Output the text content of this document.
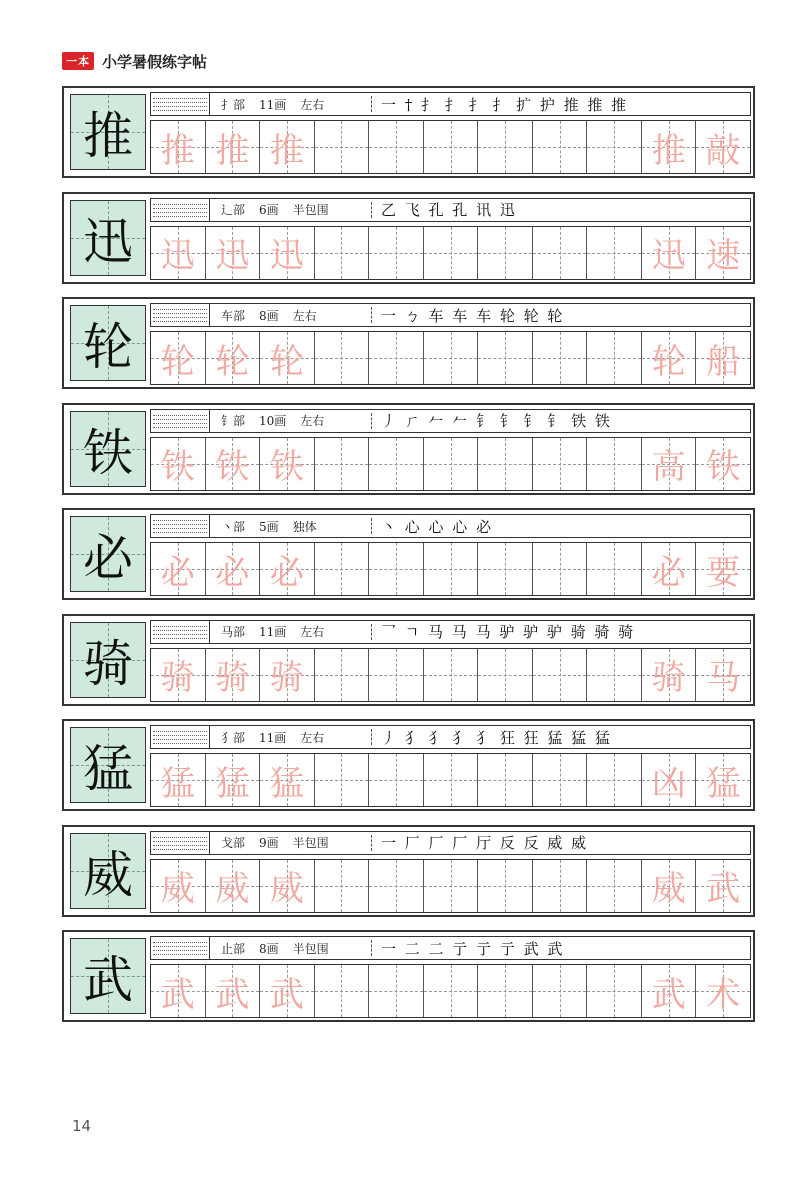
一本 小学暑假练字帖
推
扌部 11画 左右	一 † 扌 扌 扌 扌 扩 护 推 推 推
推 推 推	推 敲
迅
辶部 6画 半包围	乙 飞 孔 孔 讯 迅
迅 迅 迅	迅 速
轮
车部 8画 左右	一 ㄅ 车 车 车 轮 轮 轮
轮 轮 轮	轮 船
铁
钅部 10画 左右	丿 ㄏ 𠂉 𠂉 钅 钅 钅 钅 铁 铁
铁 铁 铁	高 铁
必
丶部 5画 独体	丶 心 心 心 必
必 必 必	必 要
骑
马部 11画 左右	乛 ㄱ 马 马 马 驴 驴 驴 骑 骑 骑
骑 骑 骑	骑 马
猛
犭部 11画 左右	丿 犭 犭 犭 犭 狂 狂 猛 猛 猛
猛 猛 猛	凶 猛
威
戈部 9画 半包围	一 厂 厂 厂 厅 反 反 威 威
威 威 威	威 武
武
止部 8画 半包围	一 二 二 亍 亍 亍 武 武
武 武 武	武 术
14
